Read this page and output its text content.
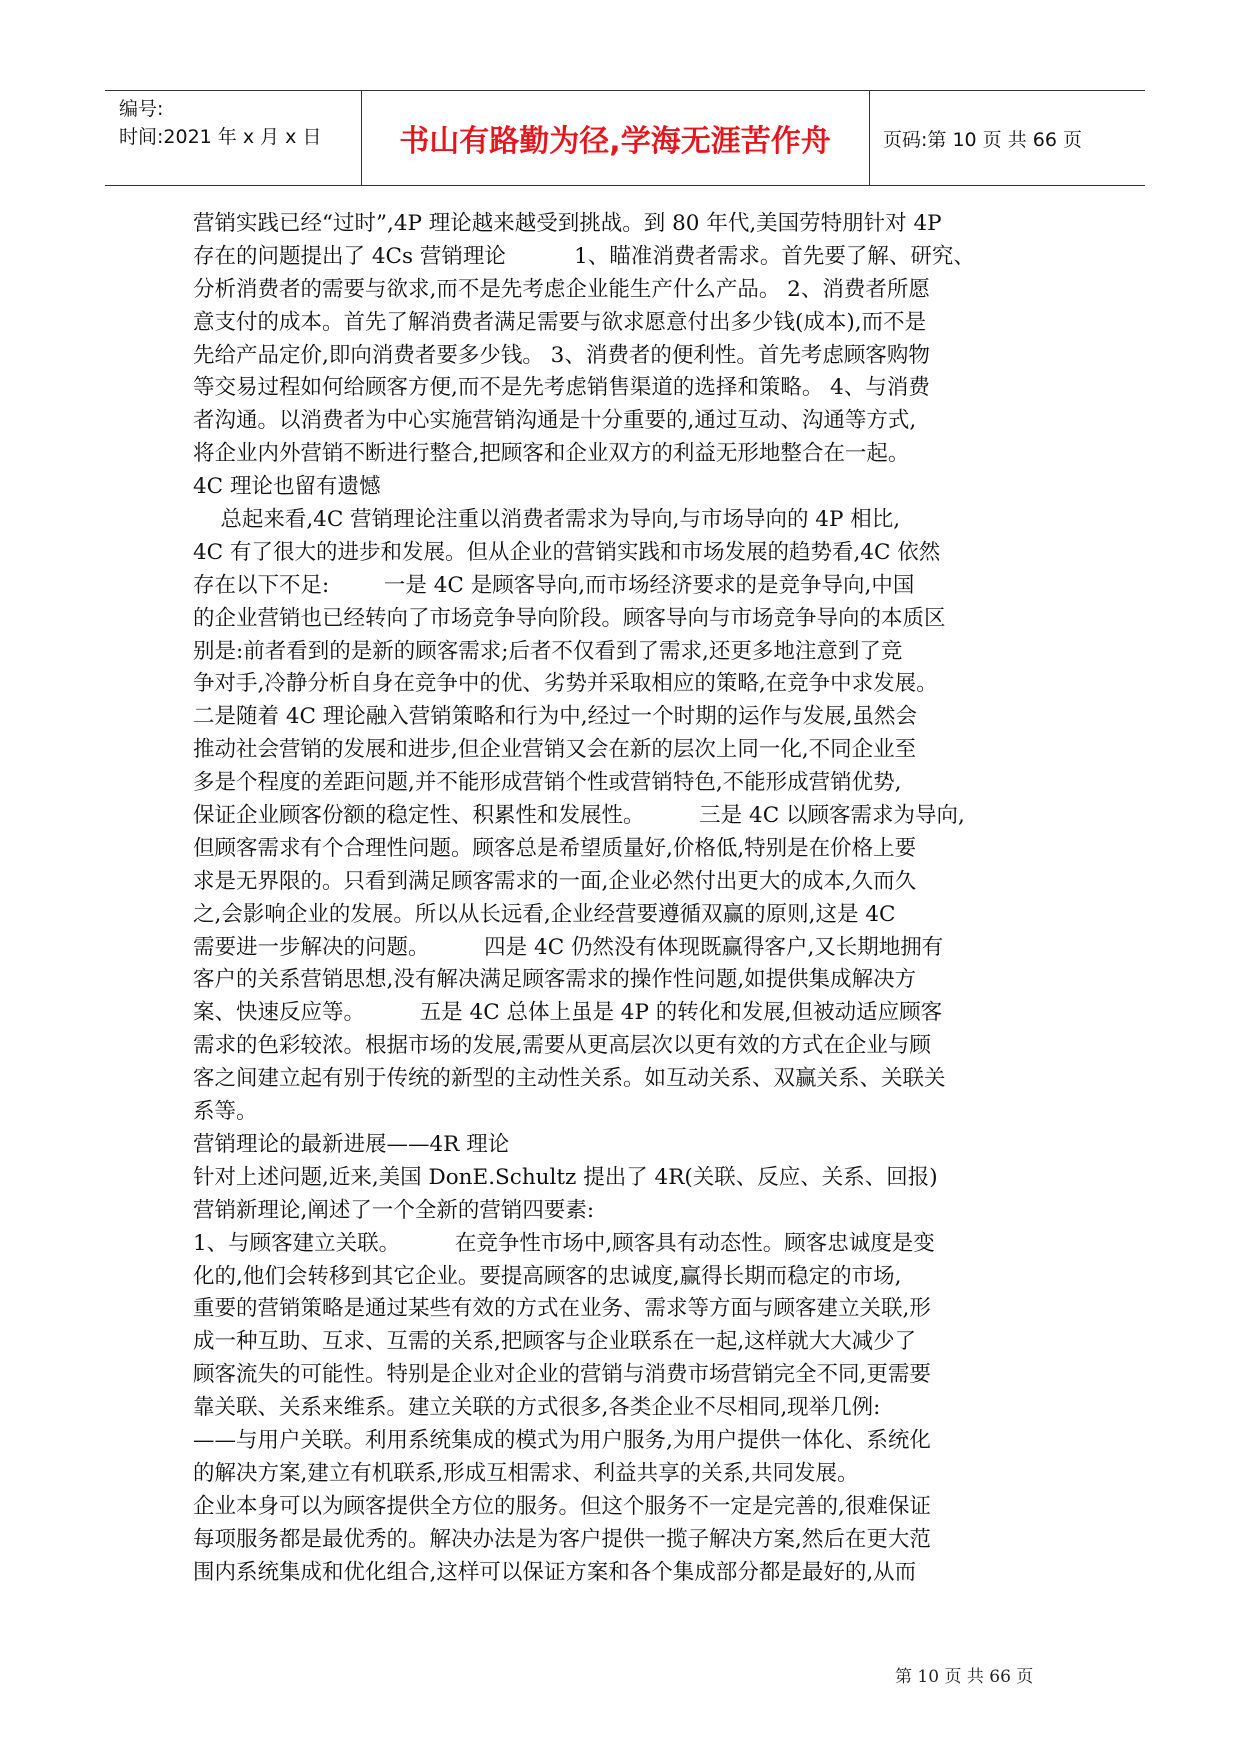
编号:
时间:2021 年 x 月 x 日	书山有路勤为径,学海无涯苦作舟	页码:第 10 页 共 66 页
营销实践已经“过时”,4P 理论越来越受到挑战。到 80 年代,美国劳特朋针对 4P
存在的问题提出了 4Cs 营销理论          1、瞄准消费者需求。首先要了解、研究、
分析消费者的需要与欲求,而不是先考虑企业能生产什么产品。 2、消费者所愿
意支付的成本。首先了解消费者满足需要与欲求愿意付出多少钱(成本),而不是
先给产品定价,即向消费者要多少钱。 3、消费者的便利性。首先考虑顾客购物
等交易过程如何给顾客方便,而不是先考虑销售渠道的选择和策略。 4、与消费
者沟通。以消费者为中心实施营销沟通是十分重要的,通过互动、沟通等方式,
将企业内外营销不断进行整合,把顾客和企业双方的利益无形地整合在一起。
4C 理论也留有遗憾
总起来看,4C 营销理论注重以消费者需求为导向,与市场导向的 4P 相比,
4C 有了很大的进步和发展。但从企业的营销实践和市场发展的趋势看,4C 依然
存在以下不足:        一是 4C 是顾客导向,而市场经济要求的是竞争导向,中国
的企业营销也已经转向了市场竞争导向阶段。顾客导向与市场竞争导向的本质区
别是:前者看到的是新的顾客需求;后者不仅看到了需求,还更多地注意到了竞
争对手,冷静分析自身在竞争中的优、劣势并采取相应的策略,在竞争中求发展。
二是随着 4C 理论融入营销策略和行为中,经过一个时期的运作与发展,虽然会
推动社会营销的发展和进步,但企业营销又会在新的层次上同一化,不同企业至
多是个程度的差距问题,并不能形成营销个性或营销特色,不能形成营销优势,
保证企业顾客份额的稳定性、积累性和发展性。        三是 4C 以顾客需求为导向,
但顾客需求有个合理性问题。顾客总是希望质量好,价格低,特别是在价格上要
求是无界限的。只看到满足顾客需求的一面,企业必然付出更大的成本,久而久
之,会影响企业的发展。所以从长远看,企业经营要遵循双赢的原则,这是 4C
需要进一步解决的问题。        四是 4C 仍然没有体现既赢得客户,又长期地拥有
客户的关系营销思想,没有解决满足顾客需求的操作性问题,如提供集成解决方
案、快速反应等。        五是 4C 总体上虽是 4P 的转化和发展,但被动适应顾客
需求的色彩较浓。根据市场的发展,需要从更高层次以更有效的方式在企业与顾
客之间建立起有别于传统的新型的主动性关系。如互动关系、双赢关系、关联关
系等。
营销理论的最新进展——4R 理论
针对上述问题,近来,美国 DonE.Schultz 提出了 4R(关联、反应、关系、回报)
营销新理论,阐述了一个全新的营销四要素:
1、与顾客建立关联。        在竞争性市场中,顾客具有动态性。顾客忠诚度是变
化的,他们会转移到其它企业。要提高顾客的忠诚度,赢得长期而稳定的市场,
重要的营销策略是通过某些有效的方式在业务、需求等方面与顾客建立关联,形
成一种互助、互求、互需的关系,把顾客与企业联系在一起,这样就大大减少了
顾客流失的可能性。特别是企业对企业的营销与消费市场营销完全不同,更需要
靠关联、关系来维系。建立关联的方式很多,各类企业不尽相同,现举几例:
——与用户关联。利用系统集成的模式为用户服务,为用户提供一体化、系统化
的解决方案,建立有机联系,形成互相需求、利益共享的关系,共同发展。
企业本身可以为顾客提供全方位的服务。但这个服务不一定是完善的,很难保证
每项服务都是最优秀的。解决办法是为客户提供一揽子解决方案,然后在更大范
围内系统集成和优化组合,这样可以保证方案和各个集成部分都是最好的,从而
第 10 页 共 66 页
